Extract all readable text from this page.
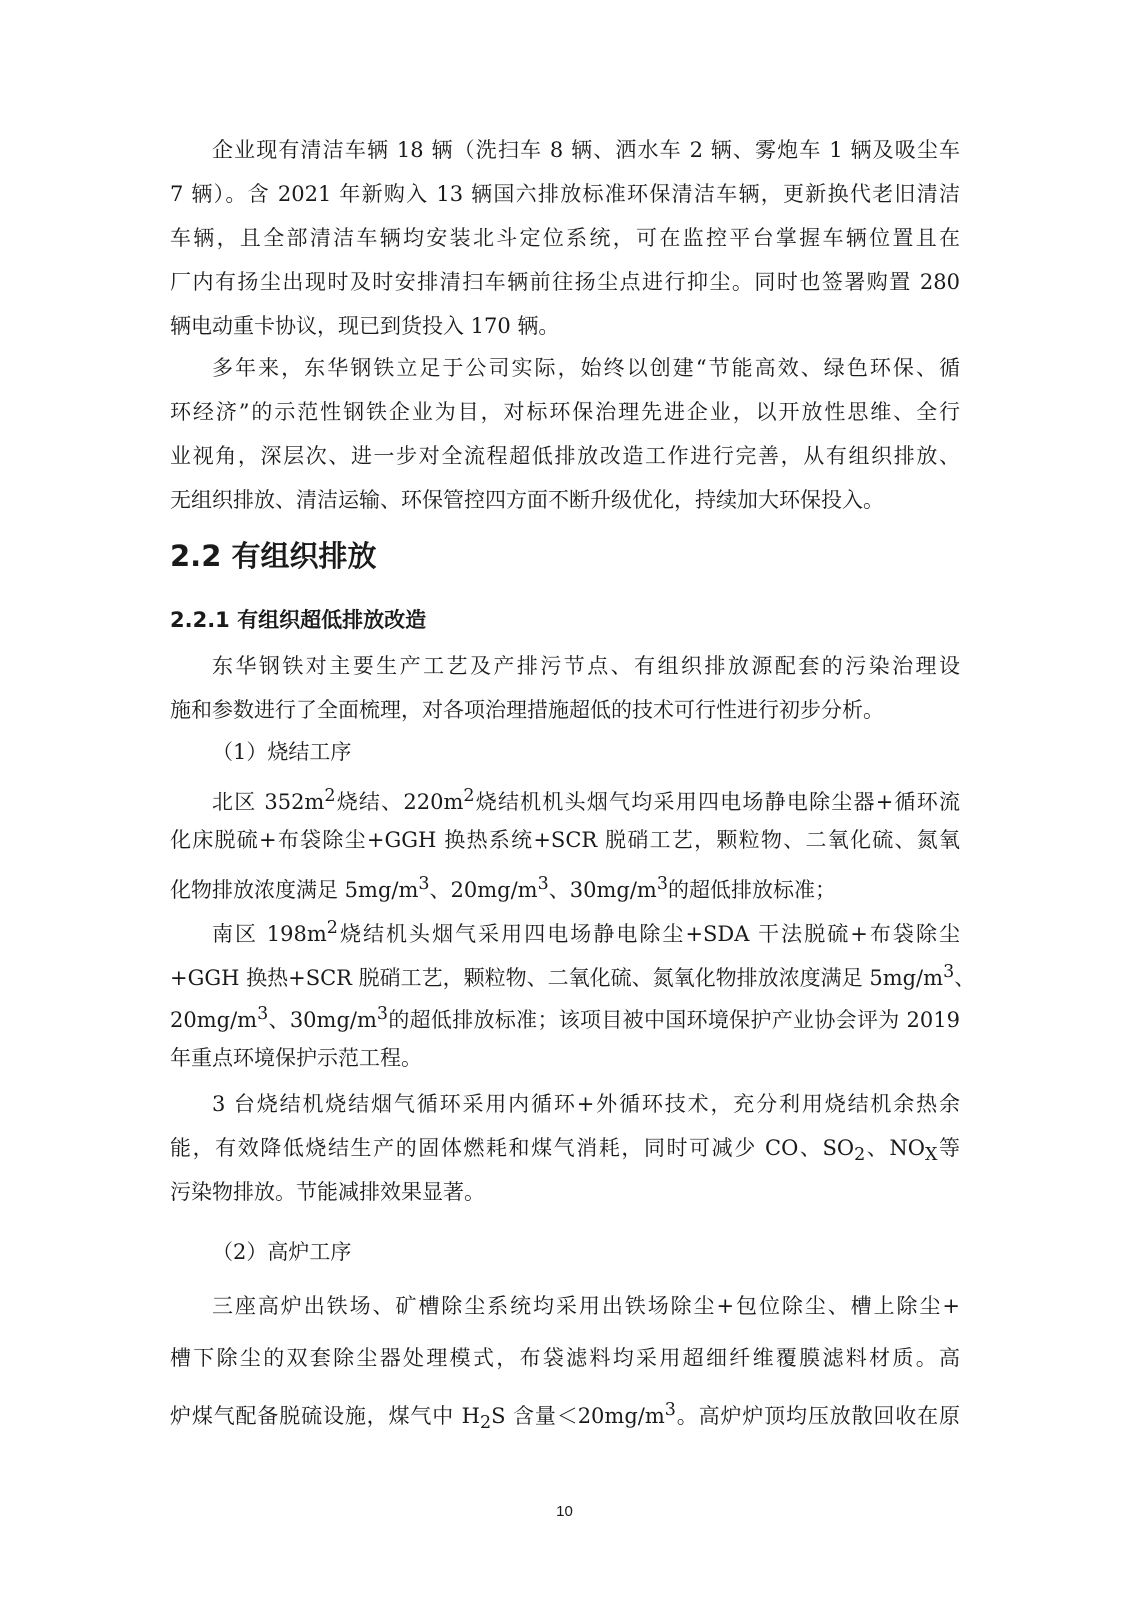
企业现有清洁车辆 18 辆（洗扫车 8 辆、洒水车 2 辆、雾炮车 1 辆及吸尘车
7 辆）。含 2021 年新购入 13 辆国六排放标准环保清洁车辆，更新换代老旧清洁
车辆，且全部清洁车辆均安装北斗定位系统，可在监控平台掌握车辆位置且在
厂内有扬尘出现时及时安排清扫车辆前往扬尘点进行抑尘。同时也签署购置 280
辆电动重卡协议，现已到货投入 170 辆。
多年来，东华钢铁立足于公司实际，始终以创建“节能高效、绿色环保、循
环经济”的示范性钢铁企业为目，对标环保治理先进企业，以开放性思维、全行
业视角，深层次、进一步对全流程超低排放改造工作进行完善，从有组织排放、
无组织排放、清洁运输、环保管控四方面不断升级优化，持续加大环保投入。
2.2 有组织排放
2.2.1 有组织超低排放改造
东华钢铁对主要生产工艺及产排污节点、有组织排放源配套的污染治理设
施和参数进行了全面梳理，对各项治理措施超低的技术可行性进行初步分析。
（1）烧结工序
北区 $352m^2$烧结、$220m^2$烧结机机头烟气均采用四电场静电除尘器+循环流
化床脱硫+布袋除尘+GGH 换热系统+SCR 脱硝工艺，颗粒物、二氧化硫、氮氧
化物排放浓度满足 $5mg/m^3$、$20mg/m^3$、$30mg/m^3$的超低排放标准；
南区 $198m^2$烧结机头烟气采用四电场静电除尘+SDA 干法脱硫+布袋除尘
+GGH 换热+SCR 脱硝工艺，颗粒物、二氧化硫、氮氧化物排放浓度满足 $5mg/m^3$、
$20mg/m^3$、$30mg/m^3$的超低排放标准；该项目被中国环境保护产业协会评为 2019
年重点环境保护示范工程。
3 台烧结机烧结烟气循环采用内循环+外循环技术，充分利用烧结机余热余
能，有效降低烧结生产的固体燃耗和煤气消耗，同时可减少 CO、$SO_2$、$NO_X$等
污染物排放。节能减排效果显著。
（2）高炉工序
三座高炉出铁场、矿槽除尘系统均采用出铁场除尘+包位除尘、槽上除尘+
槽下除尘的双套除尘器处理模式，布袋滤料均采用超细纤维覆膜滤料材质。高
炉煤气配备脱硫设施，煤气中 $H_2S$ 含量$<20mg/m^3$。高炉炉顶均压放散回收在原
10
